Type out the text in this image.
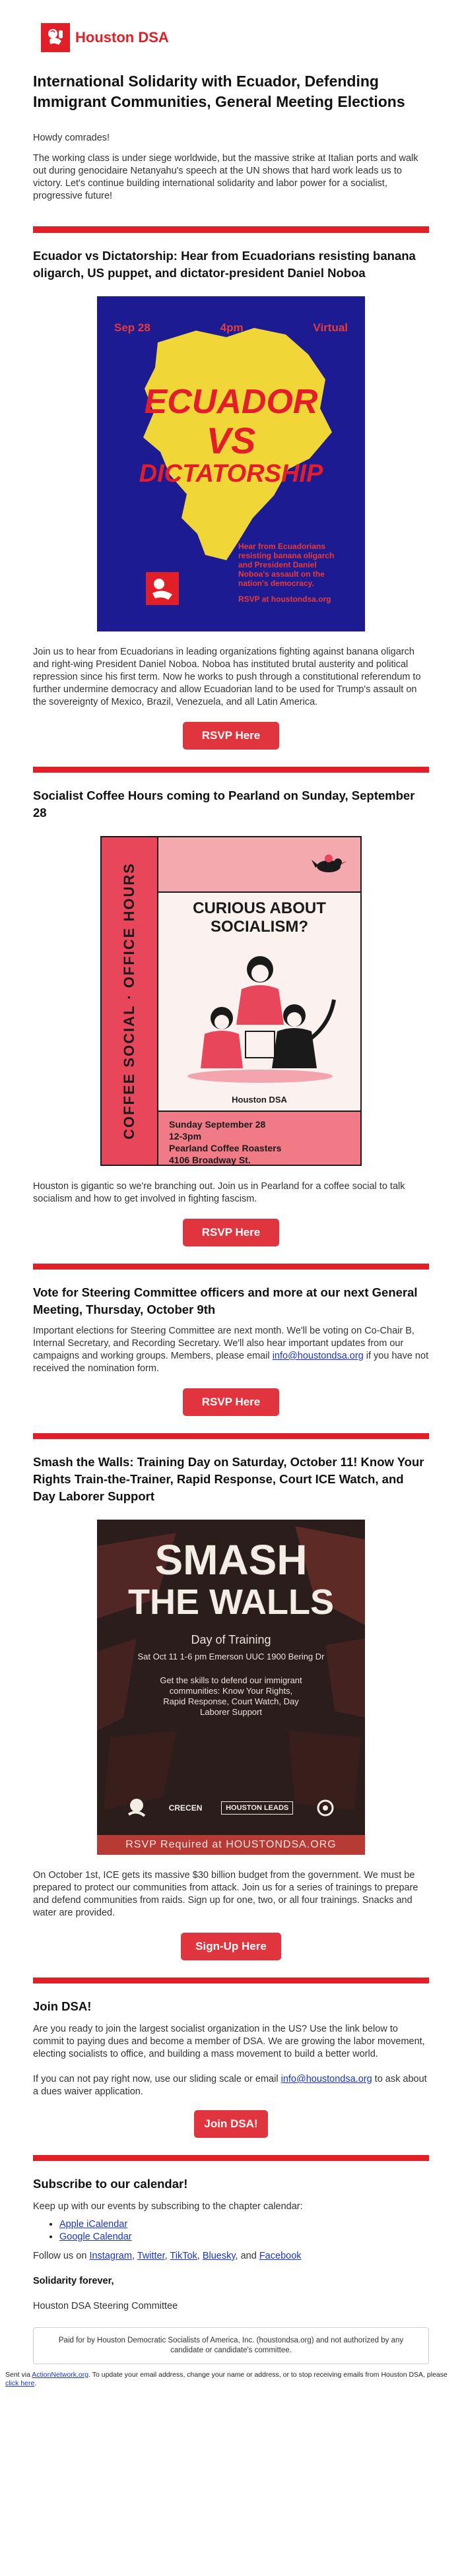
Houston DSA
International Solidarity with Ecuador, Defending Immigrant Communities, General Meeting Elections

Howdy comrades!

The working class is under siege worldwide, but the massive strike at Italian ports and walk out during genocidaire Netanyahu's speech at the UN shows that hard work leads us to victory. Let's continue building international solidarity and labor power for a socialist, progressive future!

Ecuador vs Dictatorship: Hear from Ecuadorians resisting banana oligarch, US puppet, and dictator-president Daniel Noboa
Sep 28	4pm	Virtual
ECUADOR
VS
DICTATORSHIP
Hear from Ecuadorians resisting banana oligarch and President Daniel Noboa's assault on the nation's democracy.
RSVP at houstondsa.org

Join us to hear from Ecuadorians in leading organizations fighting against banana oligarch and right-wing President Daniel Noboa. Noboa has instituted brutal austerity and political repression since his first term. Now he works to push through a constitutional referendum to further undermine democracy and allow Ecuadorian land to be used for Trump's assault on the sovereignty of Mexico, Brazil, Venezuela, and all Latin America.

RSVP Here
Socialist Coffee Hours coming to Pearland on Sunday, September 28
COFFEE SOCIAL · OFFICE HOURS	CURIOUS ABOUT SOCIALISM?
Houston DSA
Sunday September 28
12-3pm
Pearland Coffee Roasters
4106 Broadway St.

Houston is gigantic so we're branching out. Join us in Pearland for a coffee social to talk socialism and how to get involved in fighting fascism.

RSVP Here
Vote for Steering Committee officers and more at our next General Meeting, Thursday, October 9th

Important elections for Steering Committee are next month. We'll be voting on Co-Chair B, Internal Secretary, and Recording Secretary. We'll also hear important updates from our campaigns and working groups. Members, please email info@houstondsa.org if you have not received the nomination form.

RSVP Here
Smash the Walls: Training Day on Saturday, October 11! Know Your Rights Train-the-Trainer, Rapid Response, Court ICE Watch, and Day Laborer Support
SMASH
THE WALLS
Day of Training
Sat Oct 11 1-6 pm Emerson UUC 1900 Bering Dr
Get the skills to defend our immigrant communities: Know Your Rights, Rapid Response, Court Watch, Day Laborer Support
CRECEN	HOUSTON LEADS
RSVP Required at HOUSTONDSA.ORG

On October 1st, ICE gets its massive $30 billion budget from the government. We must be prepared to protect our communities from attack. Join us for a series of trainings to prepare and defend communities from raids. Sign up for one, two, or all four trainings. Snacks and water are provided.

Sign-Up Here
Join DSA!

Are you ready to join the largest socialist organization in the US? Use the link below to commit to paying dues and become a member of DSA. We are growing the labor movement, electing socialists to office, and building a mass movement to build a better world.

If you can not pay right now, use our sliding scale or email info@houstondsa.org to ask about a dues waiver application.

Join DSA!
Subscribe to our calendar!

Keep up with our events by subscribing to the chapter calendar:

• Apple iCalendar
• Google Calendar

Follow us on Instagram, Twitter, TikTok, Bluesky, and Facebook

Solidarity forever,

Houston DSA Steering Committee

Paid for by Houston Democratic Socialists of America, Inc. (houstondsa.org) and not authorized by any candidate or candidate's committee.
Sent via ActionNetwork.org. To update your email address, change your name or address, or to stop receiving emails from Houston DSA, please click here.
